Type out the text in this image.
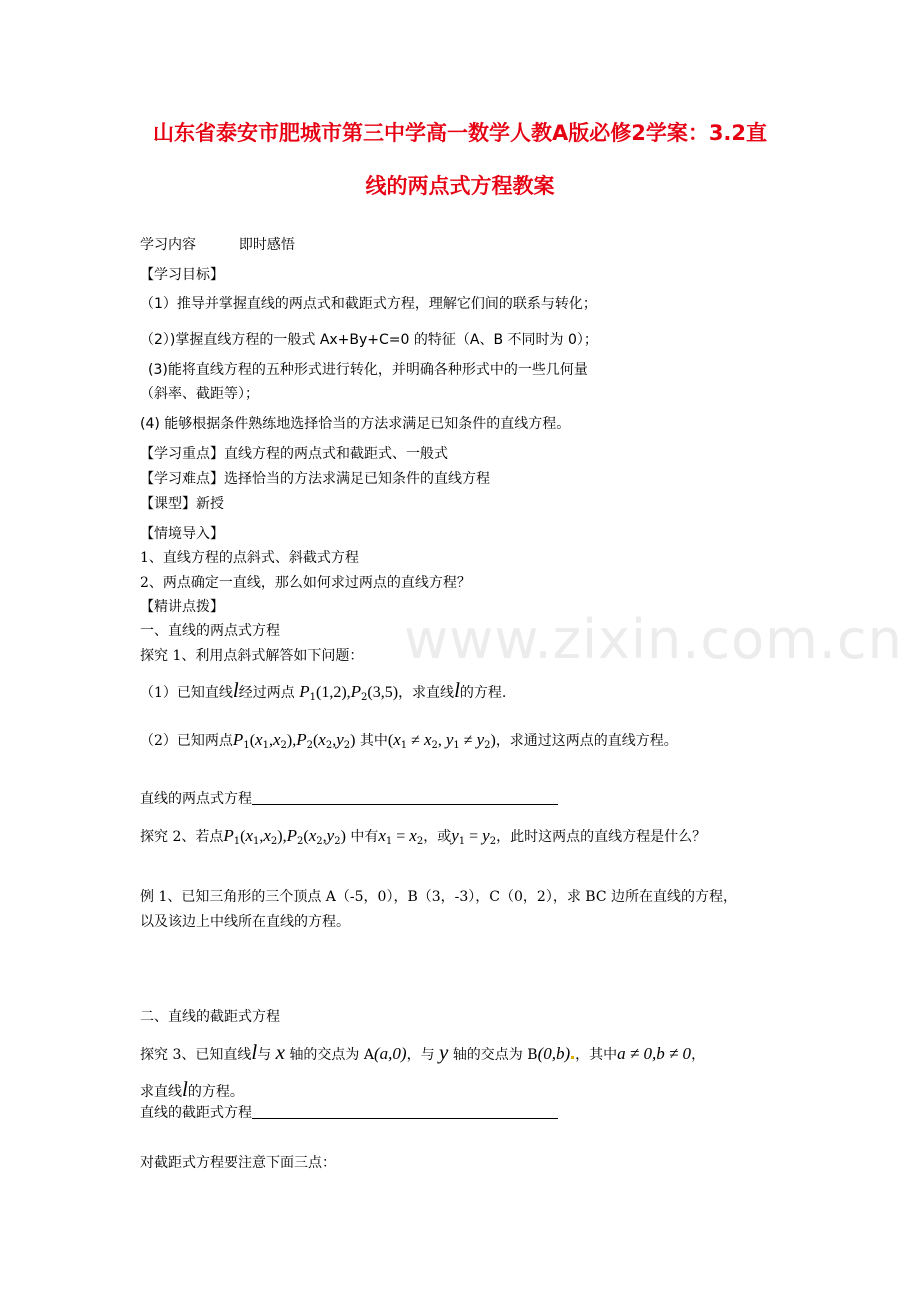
山东省泰安市肥城市第三中学高一数学人教A版必修2学案：3.2直
线的两点式方程教案
学习内容	即时感悟
【学习目标】
（1）推导并掌握直线的两点式和截距式方程，理解它们间的联系与转化；
（2）)掌握直线方程的一般式 Ax+By+C=0 的特征（A、B 不同时为 0）；
(3)能将直线方程的五种形式进行转化，并明确各种形式中的一些几何量
（斜率、截距等）；
(4) 能够根据条件熟练地选择恰当的方法求满足已知条件的直线方程。
【学习重点】直线方程的两点式和截距式、一般式
【学习难点】选择恰当的方法求满足已知条件的直线方程
【课型】新授
【情境导入】
1、直线方程的点斜式、斜截式方程
2、两点确定一直线，那么如何求过两点的直线方程？
【精讲点拨】
www.zixin.com.cn
一、直线的两点式方程
探究 1、利用点斜式解答如下问题：
（1）已知直线l经过两点 $P_1(1,2),P_2(3,5)$，求直线l的方程.
（2）已知两点$P_1(x_1,x_2),P_2(x_2,y_2)$ 其中($x_1 \ne x_2$, $y_1 \ne y_2$)，求通过这两点的直线方程。
直线的两点式方程
探究 2、若点$P_1(x_1,x_2),P_2(x_2,y_2)$ 中有$x_1 = x_2$，或$y_1 = y_2$，此时这两点的直线方程是什么？
例 1、已知三角形的三个顶点 A（-5，0），B（3，-3），C（0，2），求 BC 边所在直线的方程，
以及该边上中线所在直线的方程。
二、直线的截距式方程
探究 3、已知直线l与 x 轴的交点为 A(a,0)，与 y 轴的交点为 B(0,b) ，其中a ≠ 0,b ≠ 0，
求直线l的方程。
直线的截距式方程
对截距式方程要注意下面三点：
